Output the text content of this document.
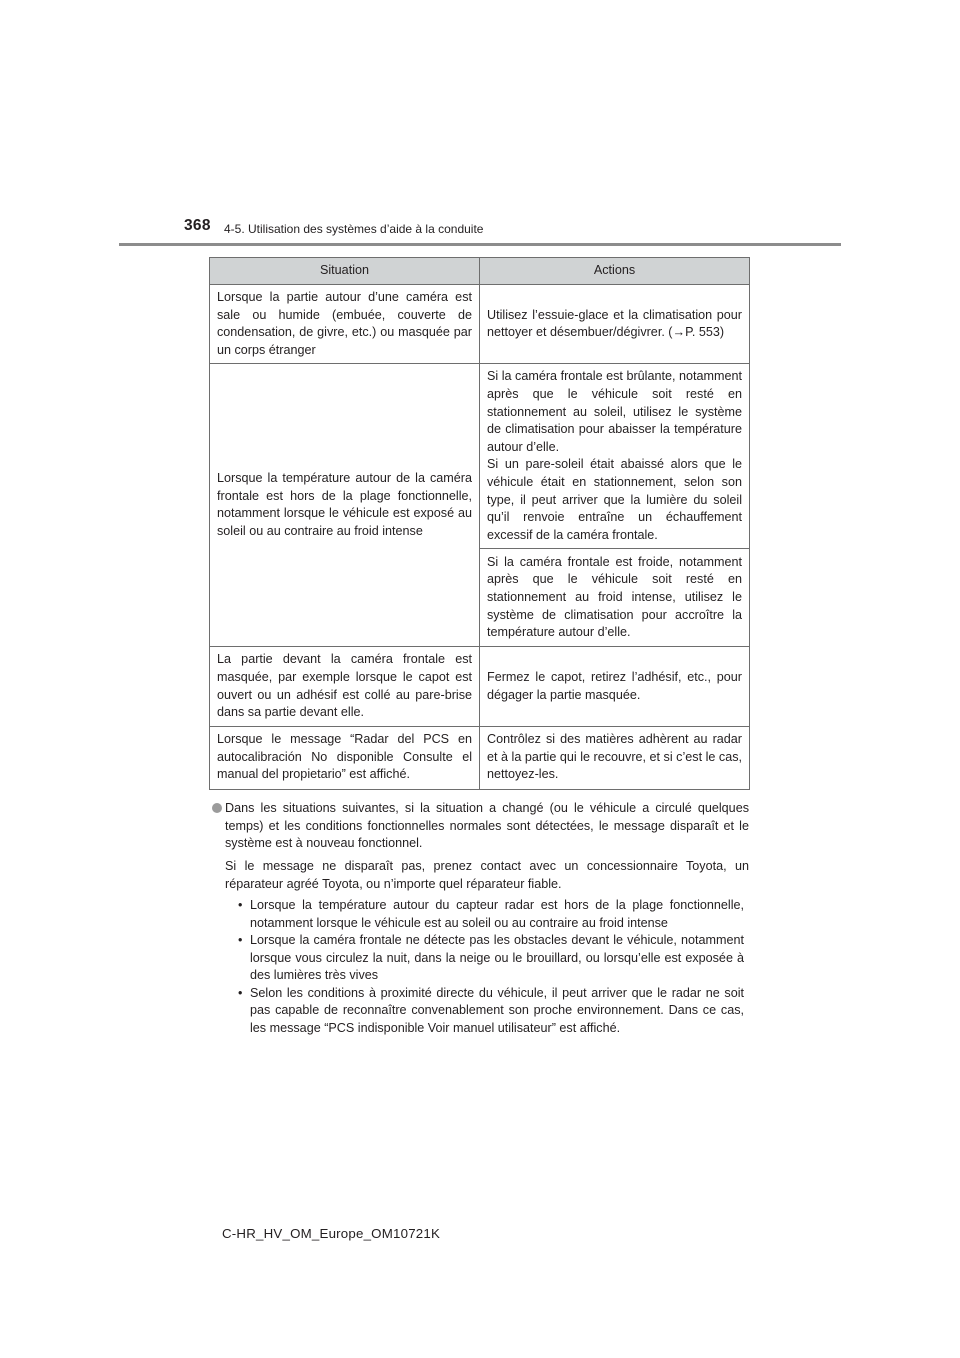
368 4-5. Utilisation des systèmes d’aide à la conduite
Situation	Actions
Lorsque la partie autour d’une caméra est sale ou humide (embuée, couverte de condensation, de givre, etc.) ou masquée par un corps étranger	Utilisez l’essuie-glace et la climatisation pour nettoyer et désembuer/dégivrer. (→P. 553)
Lorsque la température autour de la caméra frontale est hors de la plage fonctionnelle, notamment lorsque le véhicule est exposé au soleil ou au contraire au froid intense	Si la caméra frontale est brûlante, notamment après que le véhicule soit resté en stationnement au soleil, utilisez le système de climatisation pour abaisser la température autour d’elle.
Si un pare-soleil était abaissé alors que le véhicule était en stationnement, selon son type, il peut arriver que la lumière du soleil qu’il renvoie entraîne un échauffement excessif de la caméra frontale.

	Si la caméra frontale est froide, notamment après que le véhicule soit resté en stationnement au froid intense, utilisez le système de climatisation pour accroître la température autour d’elle.
La partie devant la caméra frontale est masquée, par exemple lorsque le capot est ouvert ou un adhésif est collé au pare-brise dans sa partie devant elle.	Fermez le capot, retirez l’adhésif, etc., pour dégager la partie masquée.
Lorsque le message “Radar del PCS en autocalibración No disponible Consulte el manual del propietario” est affiché.	Contrôlez si des matières adhèrent au radar et à la partie qui le recouvre, et si c’est le cas, nettoyez-les.
Dans les situations suivantes, si la situation a changé (ou le véhicule a circulé quelques temps) et les conditions fonctionnelles normales sont détectées, le message disparaît et le système est à nouveau fonctionnel.
Si le message ne disparaît pas, prenez contact avec un concessionnaire Toyota, un réparateur agréé Toyota, ou n’importe quel réparateur fiable.
• Lorsque la température autour du capteur radar est hors de la plage fonctionnelle, notamment lorsque le véhicule est au soleil ou au contraire au froid intense
• Lorsque la caméra frontale ne détecte pas les obstacles devant le véhicule, notamment lorsque vous circulez la nuit, dans la neige ou le brouillard, ou lorsqu’elle est exposée à des lumières très vives
• Selon les conditions à proximité directe du véhicule, il peut arriver que le radar ne soit pas capable de reconnaître convenablement son proche environnement. Dans ce cas, les message “PCS indisponible Voir manuel utilisateur” est affiché.
C-HR_HV_OM_Europe_OM10721K
